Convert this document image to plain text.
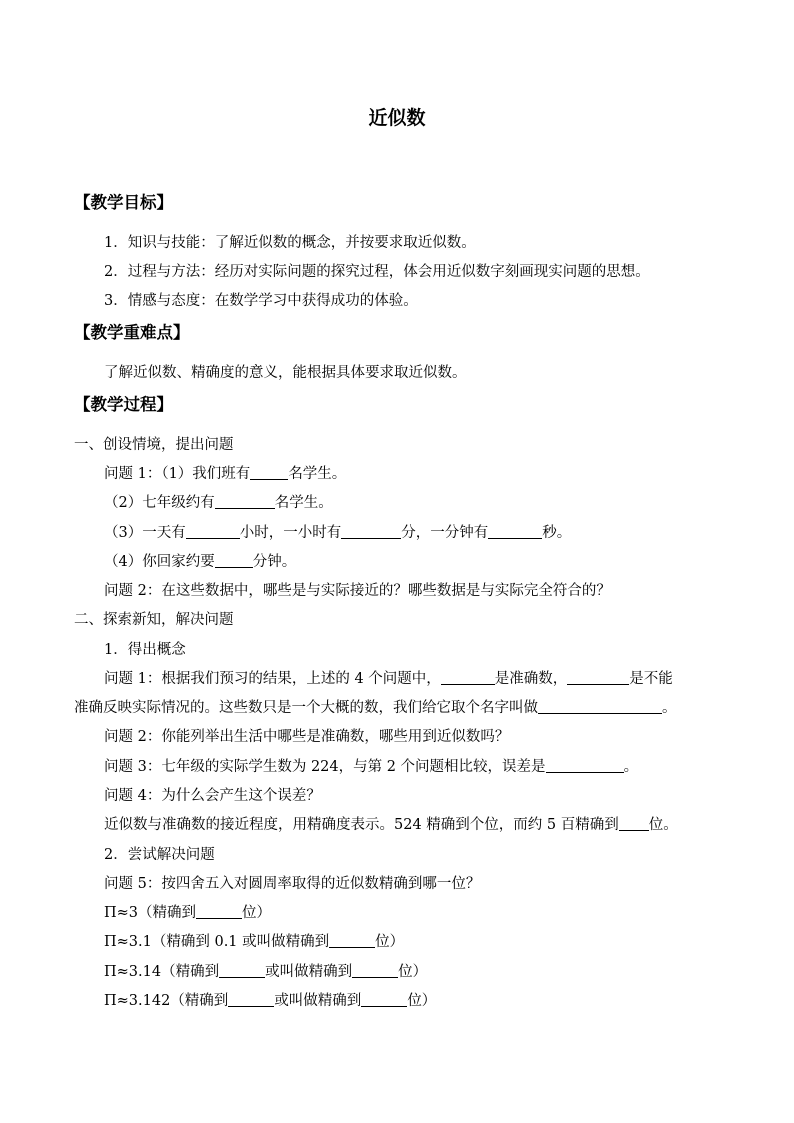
近似数
【教学目标】
1．知识与技能：了解近似数的概念，并按要求取近似数。
2．过程与方法：经历对实际问题的探究过程，体会用近似数字刻画现实问题的思想。
3．情感与态度：在数学学习中获得成功的体验。
【教学重难点】
了解近似数、精确度的意义，能根据具体要求取近似数。
【教学过程】
一、创设情境，提出问题
问题 1：（1）我们班有	名学生。
（2）七年级约有	名学生。
（3）一天有	小时，一小时有	分，一分钟有	秒。
（4）你回家约要	分钟。
问题 2：在这些数据中，哪些是与实际接近的？哪些数据是与实际完全符合的？
二、探索新知，解决问题
1．得出概念
问题 1：根据我们预习的结果，上述的 4 个问题中，	是准确数，	是不能
准确反映实际情况的。这些数只是一个大概的数，我们给它取个名字叫做	。
问题 2：你能列举出生活中哪些是准确数，哪些用到近似数吗？
问题 3：七年级的实际学生数为 224，与第 2 个问题相比较，误差是	。
问题 4：为什么会产生这个误差？
近似数与准确数的接近程度，用精确度表示。524 精确到个位，而约 5 百精确到 位。
2．尝试解决问题
问题 5：按四舍五入对圆周率取得的近似数精确到哪一位？
Π≈3（精确到	位）
Π≈3.1（精确到 0.1 或叫做精确到	位）
Π≈3.14（精确到	或叫做精确到	位）
Π≈3.142（精确到	或叫做精确到	位）
